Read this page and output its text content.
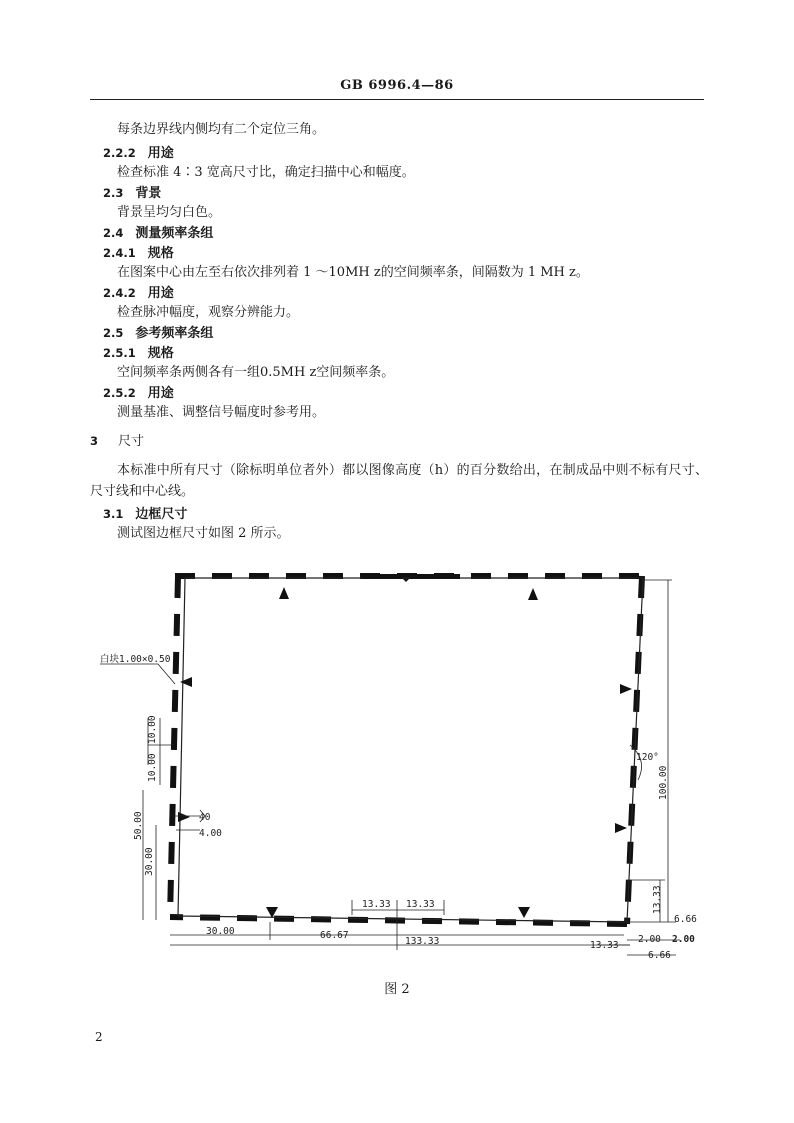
GB 6996.4—86
每条边界线内侧均有二个定位三角。
2.2.2 用途
检查标准 4∶3 宽高尺寸比，确定扫描中心和幅度。
2.3 背景
背景呈均匀白色。
2.4 测量频率条组
2.4.1 规格
在图案中心由左至右依次排列着 1 ～10MH z的空间频率条，间隔数为 1 MH z。
2.4.2 用途
检查脉冲幅度，观察分辨能力。
2.5 参考频率条组
2.5.1 规格
空间频率条两侧各有一组0.5MH z空间频率条。
2.5.2 用途
测量基准、调整信号幅度时参考用。
3 尺寸
本标准中所有尺寸（除标明单位者外）都以图像高度（h）的百分数给出，在制成品中则不标有尺寸、尺寸线和中心线。
3.1 边框尺寸
测试图边框尺寸如图 2 所示。
白块1.00×0.50
10.00
10.00
50.00
30.00
40
4.00
120°
100.00
13.33 13.33
30.00	66.67
133.33
13.33
13.33
6.66
2.00 2.00
6.66
图 2
2
